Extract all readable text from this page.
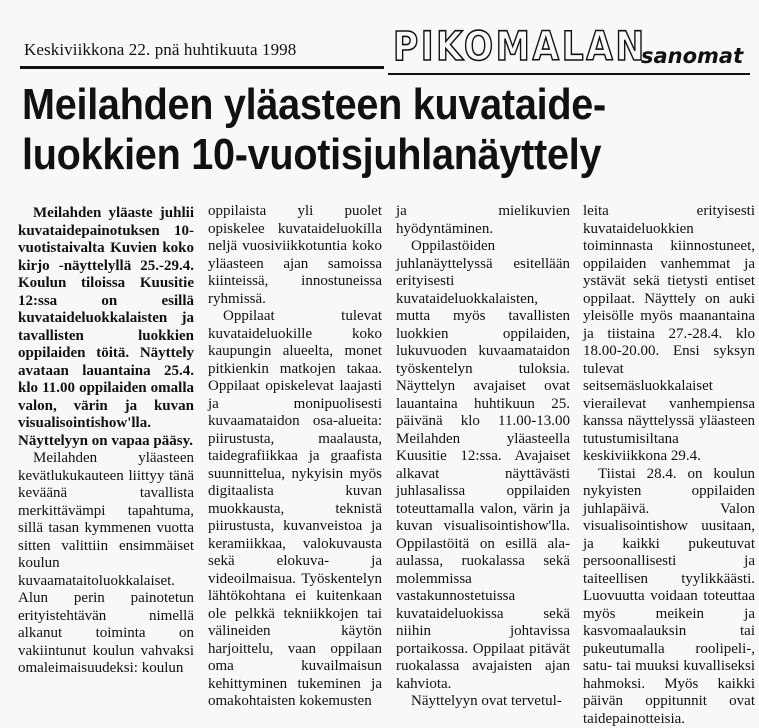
Keskiviikkona 22. pnä huhtikuuta 1998 PIKOMALAN
sanomat
Meilahden yläasteen kuvataide-
luokkien 10-vuotisjuhlanäyttely

Meilahden yläaste juhlii kuvataidepainotuksen 10-vuotistaivalta Kuvien koko kirjo -näyttelyllä 25.-29.4. Koulun tiloissa Kuusitie 12:ssa on esillä kuvataideluokkalaisten ja tavallisten luokkien oppilaiden töitä. Näyttely avataan lauantaina 25.4. klo 11.00 oppilaiden omalla valon, värin ja kuvan visualisointishow'lla. Näyttelyyn on vapaa pääsy.

Meilahden yläasteen kevätlukukauteen liittyy tänä keväänä tavallista merkittävämpi tapahtuma, sillä tasan kymmenen vuotta sitten valittiin ensimmäiset koulun kuvaamataitoluokkalaiset. Alun perin painotetun erityistehtävän nimellä alkanut toiminta on vakiintunut koulun vahvaksi omaleimaisuudeksi: koulun

oppilaista yli puolet opiskelee kuvataideluokilla neljä vuosiviikkotuntia koko yläasteen ajan samoissa kiinteissä, innostuneissa ryhmissä.

Oppilaat tulevat kuvataideluokille koko kaupungin alueelta, monet pitkienkin matkojen takaa. Oppilaat opiskelevat laajasti ja monipuolisesti kuvaamataidon osa-alueita: piirustusta, maalausta, taidegrafiikkaa ja graafista suunnittelua, nykyisin myös digitaalista kuvan muokkausta, teknistä piirustusta, kuvanveistoa ja keramiikkaa, valokuvausta sekä elokuva- ja videoilmaisua. Työskentelyn lähtökohtana ei kuitenkaan ole pelkkä tekniikkojen tai välineiden käytön harjoittelu, vaan oppilaan oma kuvailmaisun kehittyminen tukeminen ja omakohtaisten kokemusten

ja mielikuvien hyödyntäminen.

Oppilastöiden juhlanäyttelyssä esitellään erityisesti kuvataideluokkalaisten, mutta myös tavallisten luokkien oppilaiden, lukuvuoden kuvaamataidon työskentelyn tuloksia. Näyttelyn avajaiset ovat lauantaina huhtikuun 25. päivänä klo 11.00-13.00 Meilahden yläasteella Kuusitie 12:ssa. Avajaiset alkavat näyttävästi juhlasalissa oppilaiden toteuttamalla valon, värin ja kuvan visualisointishow'lla. Oppilastöitä on esillä ala-aulassa, ruokalassa sekä molemmissa vastakunnostetuissa kuvataideluokissa sekä niihin johtavissa portaikossa. Oppilaat pitävät ruokalassa avajaisten ajan kahviota.

Näyttelyyn ovat tervetul-

leita erityisesti kuvataideluokkien toiminnasta kiinnostuneet, oppilaiden vanhemmat ja ystävät sekä tietysti entiset oppilaat. Näyttely on auki yleisölle myös maanantaina ja tiistaina 27.-28.4. klo 18.00-20.00. Ensi syksyn tulevat seitsemäsluokkalaiset vierailevat vanhempiensa kanssa näyttelyssä yläasteen tutustumisiltana keskiviikkona 29.4.

Tiistai 28.4. on koulun nykyisten oppilaiden juhlapäivä. Valon visualisointishow uusitaan, ja kaikki pukeutuvat persoonallisesti ja taiteellisen tyylikkäästi. Luovuutta voidaan toteuttaa myös meikein ja kasvomaalauksin tai pukeutumalla roolipeli-, satu- tai muuksi kuvalliseksi hahmoksi. Myös kaikki päivän oppitunnit ovat taidepainotteisia.
